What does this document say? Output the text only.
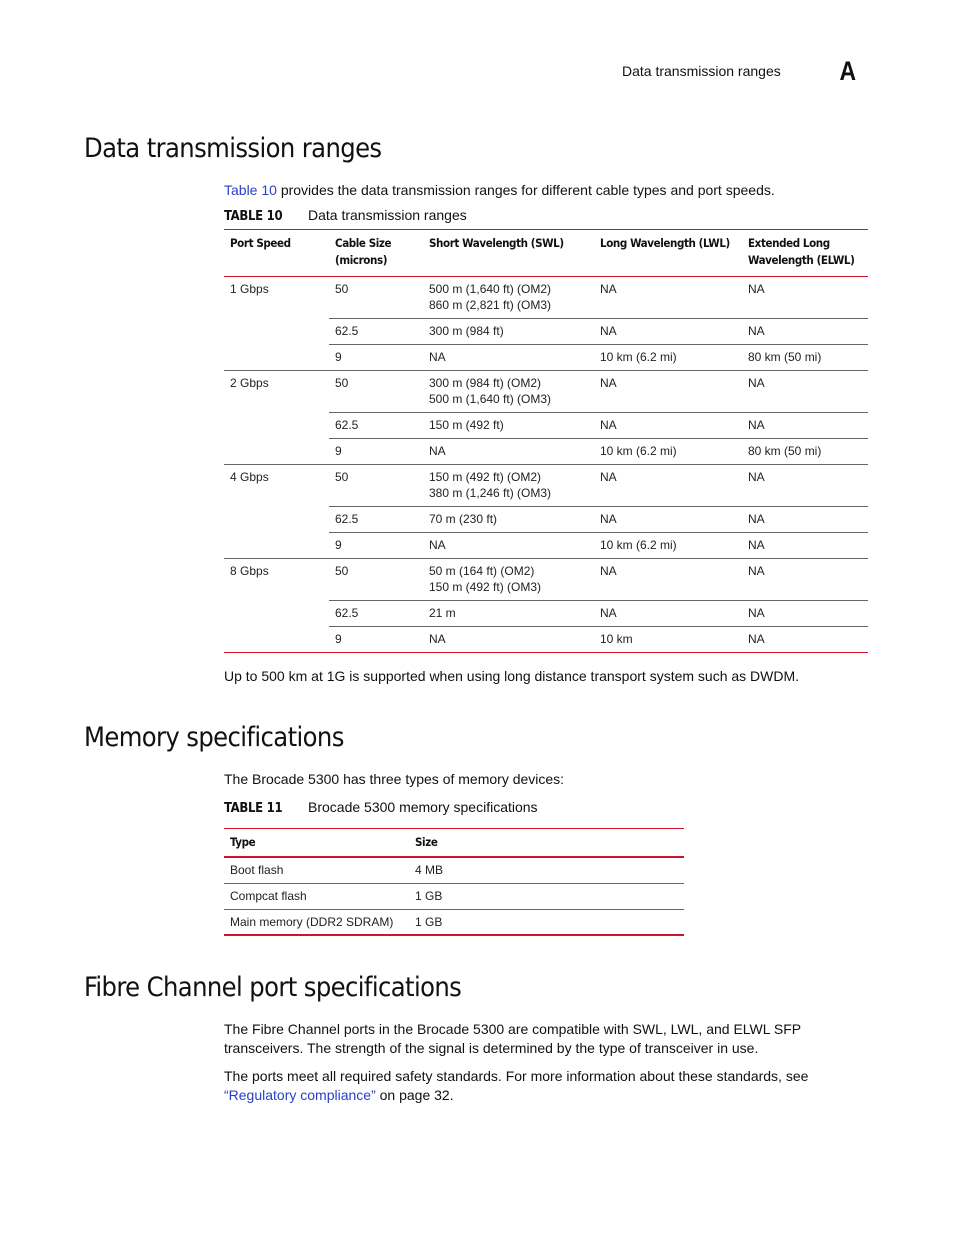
Data transmission ranges A
Data transmission ranges

Table 10 provides the data transmission ranges for different cable types and port speeds.

TABLE 10 Data transmission ranges
Port Speed	Cable Size (microns)	Short Wavelength (SWL)	Long Wavelength (LWL)	Extended Long Wavelength (ELWL)
1 Gbps	50	500 m (1,640 ft) (OM2)
860 m (2,821 ft) (OM3)	NA	NA
	62.5	300 m (984 ft)	NA	NA
	9	NA	10 km (6.2 mi)	80 km (50 mi)
2 Gbps	50	300 m (984 ft) (OM2)
500 m (1,640 ft) (OM3)	NA	NA
	62.5	150 m (492 ft)	NA	NA
	9	NA	10 km (6.2 mi)	80 km (50 mi)
4 Gbps	50	150 m (492 ft) (OM2)
380 m (1,246 ft) (OM3)	NA	NA
	62.5	70 m (230 ft)	NA	NA
	9	NA	10 km (6.2 mi)	NA
8 Gbps	50	50 m (164 ft) (OM2)
150 m (492 ft) (OM3)	NA	NA
	62.5	21 m	NA	NA
	9	NA	10 km	NA

Up to 500 km at 1G is supported when using long distance transport system such as DWDM.

Memory specifications

The Brocade 5300 has three types of memory devices:

TABLE 11 Brocade 5300 memory specifications
Type	Size
Boot flash	4 MB
Compcat flash	1 GB
Main memory (DDR2 SDRAM)	1 GB
Fibre Channel port specifications

The Fibre Channel ports in the Brocade 5300 are compatible with SWL, LWL, and ELWL SFP transceivers. The strength of the signal is determined by the type of transceiver in use.

The ports meet all required safety standards. For more information about these standards, see “Regulatory compliance” on page 32.
